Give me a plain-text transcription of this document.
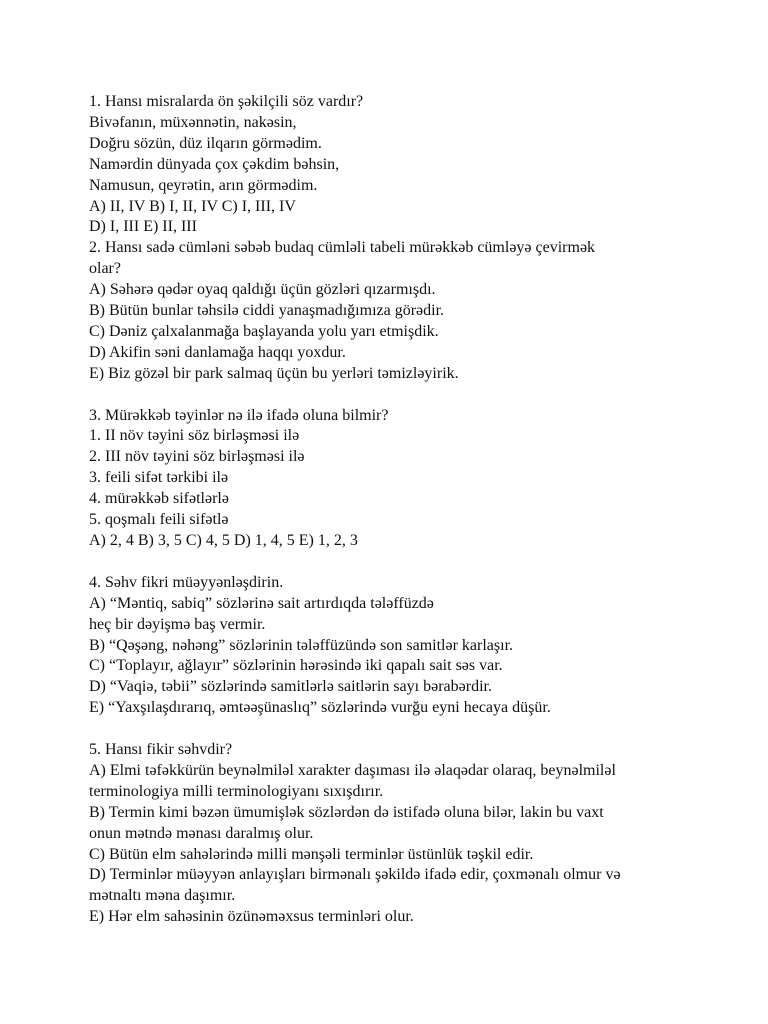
1. Hansı misralarda ön şəkilçili söz vardır?
Bivəfanın, müxənnətin, nakəsin,
Doğru sözün, düz ilqarın görmədim.
Namərdin dünyada çox çəkdim bəhsin,
Namusun, qeyrətin, arın görmədim.
A) II, IV B) I, II, IV C) I, III, IV
D) I, III E) II, III
2. Hansı sadə cümləni səbəb budaq cümləli tabeli mürəkkəb cümləyə çevirmək
olar?
A) Səhərə qədər oyaq qaldığı üçün gözləri qızarmışdı.
B) Bütün bunlar təhsilə ciddi yanaşmadığımıza görədir.
C) Dəniz çalxalanmağa başlayanda yolu yarı etmişdik.
D) Akifin səni danlamağa haqqı yoxdur.
E) Biz gözəl bir park salmaq üçün bu yerləri təmizləyirik.
3. Mürəkkəb təyinlər nə ilə ifadə oluna bilmir?
1. II növ təyini söz birləşməsi ilə
2. III növ təyini söz birləşməsi ilə
3. feili sifət tərkibi ilə
4. mürəkkəb sifətlərlə
5. qoşmalı feili sifətlə
A) 2, 4 B) 3, 5 C) 4, 5 D) 1, 4, 5 E) 1, 2, 3
4. Səhv fikri müəyyənləşdirin.
A) “Məntiq, sabiq” sözlərinə sait artırdıqda tələffüzdə
heç bir dəyişmə baş vermir.
B) “Qəşəng, nəhəng” sözlərinin tələffüzündə son samitlər karlaşır.
C) “Toplayır, ağlayır” sözlərinin hərəsində iki qapalı sait səs var.
D) “Vaqiə, təbii” sözlərində samitlərlə saitlərin sayı bərabərdir.
E) “Yaxşılaşdırarıq, əmtəəşünaslıq” sözlərində vurğu eyni hecaya düşür.
5. Hansı fikir səhvdir?
A) Elmi təfəkkürün beynəlmiləl xarakter daşıması ilə əlaqədar olaraq, beynəlmiləl
terminologiya milli terminologiyanı sıxışdırır.
B) Termin kimi bəzən ümumişlək sözlərdən də istifadə oluna bilər, lakin bu vaxt
onun mətndə mənası daralmış olur.
C) Bütün elm sahələrində milli mənşəli terminlər üstünlük təşkil edir.
D) Terminlər müəyyən anlayışları birmənalı şəkildə ifadə edir, çoxmənalı olmur və
mətnaltı məna daşımır.
E) Hər elm sahəsinin özünəməxsus terminləri olur.
